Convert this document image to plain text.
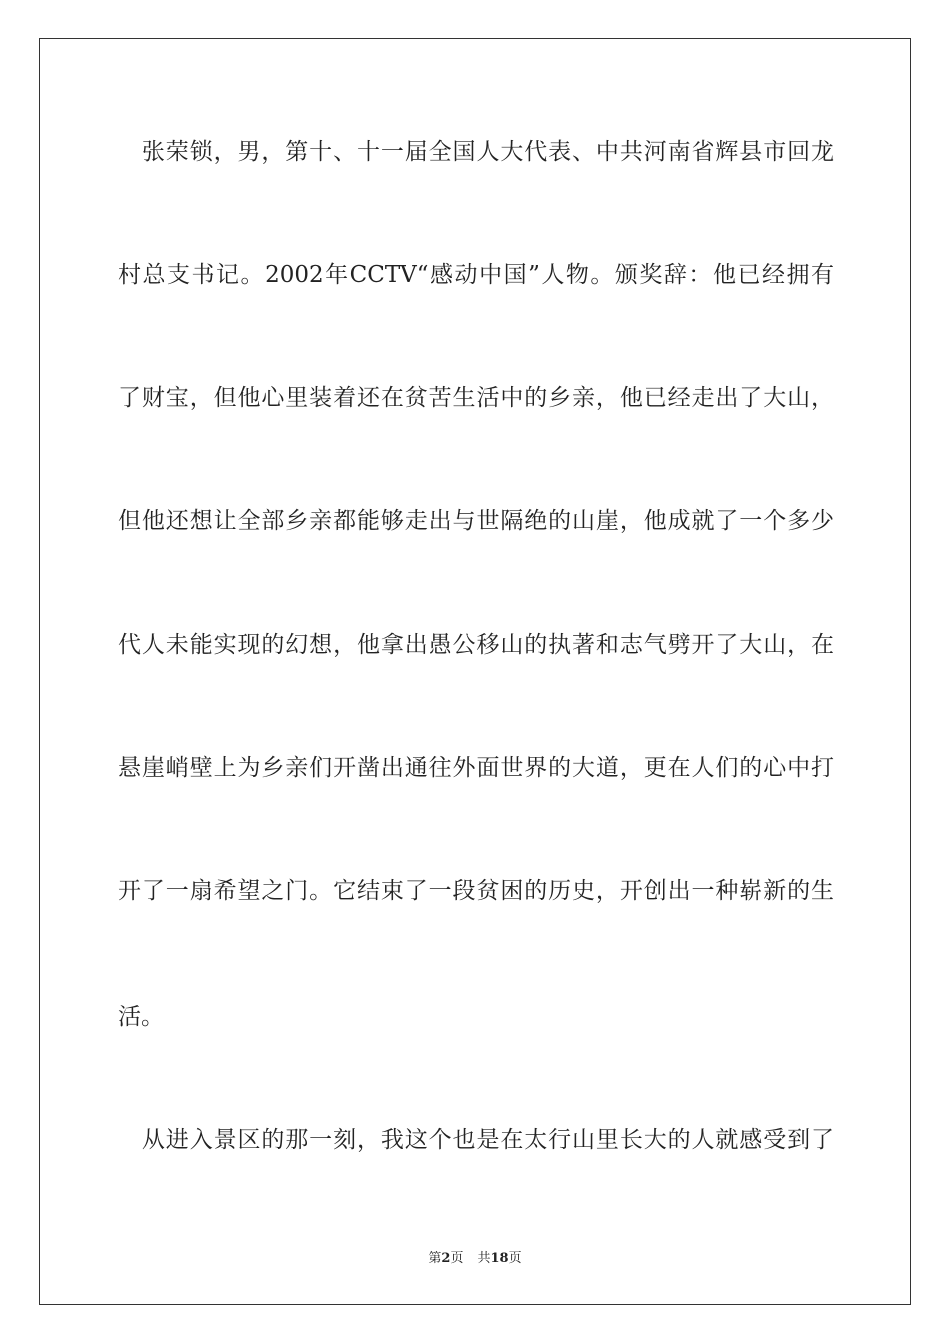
　张荣锁，男，第十、十一届全国人大代表、中共河南省辉县市回龙
村总支书记。2002年CCTV“感动中国”人物。颁奖辞：他已经拥有
了财宝，但他心里装着还在贫苦生活中的乡亲，他已经走出了大山，
但他还想让全部乡亲都能够走出与世隔绝的山崖，他成就了一个多少
代人未能实现的幻想，他拿出愚公移山的执著和志气劈开了大山，在
悬崖峭壁上为乡亲们开凿出通往外面世界的大道，更在人们的心中打
开了一扇希望之门。它结束了一段贫困的历史，开创出一种崭新的生
活。
　从进入景区的那一刻，我这个也是在太行山里长大的人就感受到了
第2页 共18页
